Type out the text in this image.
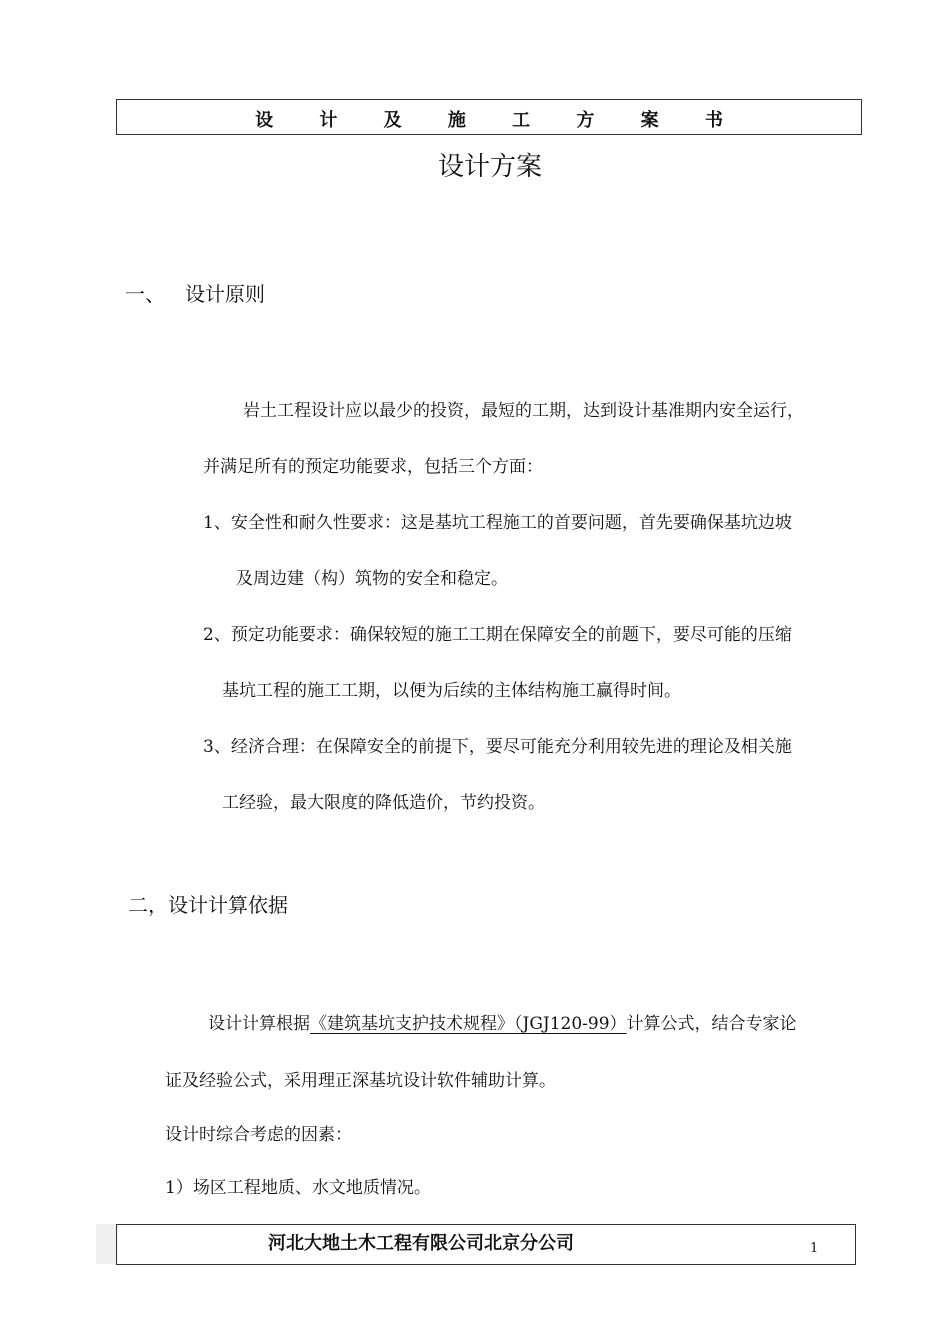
设 计 及 施 工 方 案 书
设计方案
一、 设计原则
岩土工程设计应以最少的投资，最短的工期，达到设计基准期内安全运行，
并满足所有的预定功能要求，包括三个方面：
1、安全性和耐久性要求：这是基坑工程施工的首要问题，首先要确保基坑边坡
及周边建（构）筑物的安全和稳定。
2、预定功能要求：确保较短的施工工期在保障安全的前题下，要尽可能的压缩
基坑工程的施工工期，以便为后续的主体结构施工赢得时间。
3、经济合理：在保障安全的前提下，要尽可能充分利用较先进的理论及相关施
工经验，最大限度的降低造价，节约投资。
二，设计计算依据
设计计算根据《建筑基坑支护技术规程》（JGJ120-99）计算公式，结合专家论
证及经验公式，采用理正深基坑设计软件辅助计算。
设计时综合考虑的因素：
1）场区工程地质、水文地质情况。
河北大地土木工程有限公司北京分公司	1
